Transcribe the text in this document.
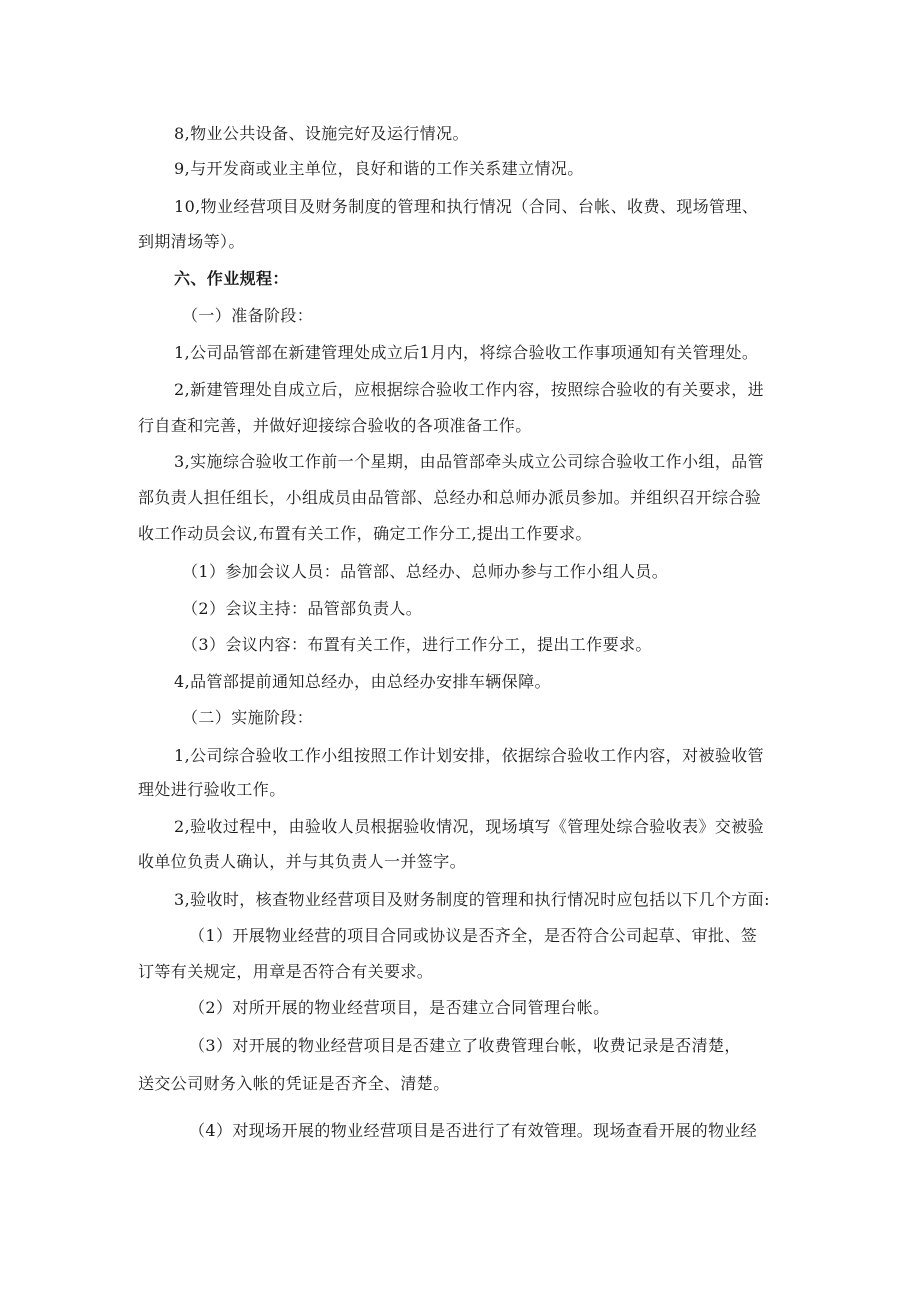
8,物业公共设备、设施完好及运行情况。
9,与开发商或业主单位，良好和谐的工作关系建立情况。
10,物业经营项目及财务制度的管理和执行情况（合同、台帐、收费、现场管理、
到期清场等）。
六、作业规程：
（一）准备阶段：
1,公司品管部在新建管理处成立后1月内，将综合验收工作事项通知有关管理处。
2,新建管理处自成立后，应根据综合验收工作内容，按照综合验收的有关要求，进
行自查和完善，并做好迎接综合验收的各项准备工作。
3,实施综合验收工作前一个星期，由品管部牵头成立公司综合验收工作小组，品管
部负责人担任组长，小组成员由品管部、总经办和总师办派员参加。并组织召开综合验
收工作动员会议,布置有关工作，确定工作分工,提出工作要求。
（1）参加会议人员：品管部、总经办、总师办参与工作小组人员。
（2）会议主持：品管部负责人。
（3）会议内容：布置有关工作，进行工作分工，提出工作要求。
4,品管部提前通知总经办，由总经办安排车辆保障。
（二）实施阶段：
1,公司综合验收工作小组按照工作计划安排，依据综合验收工作内容，对被验收管
理处进行验收工作。
2,验收过程中，由验收人员根据验收情况，现场填写《管理处综合验收表》交被验
收单位负责人确认，并与其负责人一并签字。
3,验收时，核查物业经营项目及财务制度的管理和执行情况时应包括以下几个方面:
（1）开展物业经营的项目合同或协议是否齐全，是否符合公司起草、审批、签
订等有关规定，用章是否符合有关要求。
（2）对所开展的物业经营项目，是否建立合同管理台帐。
（3）对开展的物业经营项目是否建立了收费管理台帐，收费记录是否清楚，
送交公司财务入帐的凭证是否齐全、清楚。
（4）对现场开展的物业经营项目是否进行了有效管理。现场查看开展的物业经
